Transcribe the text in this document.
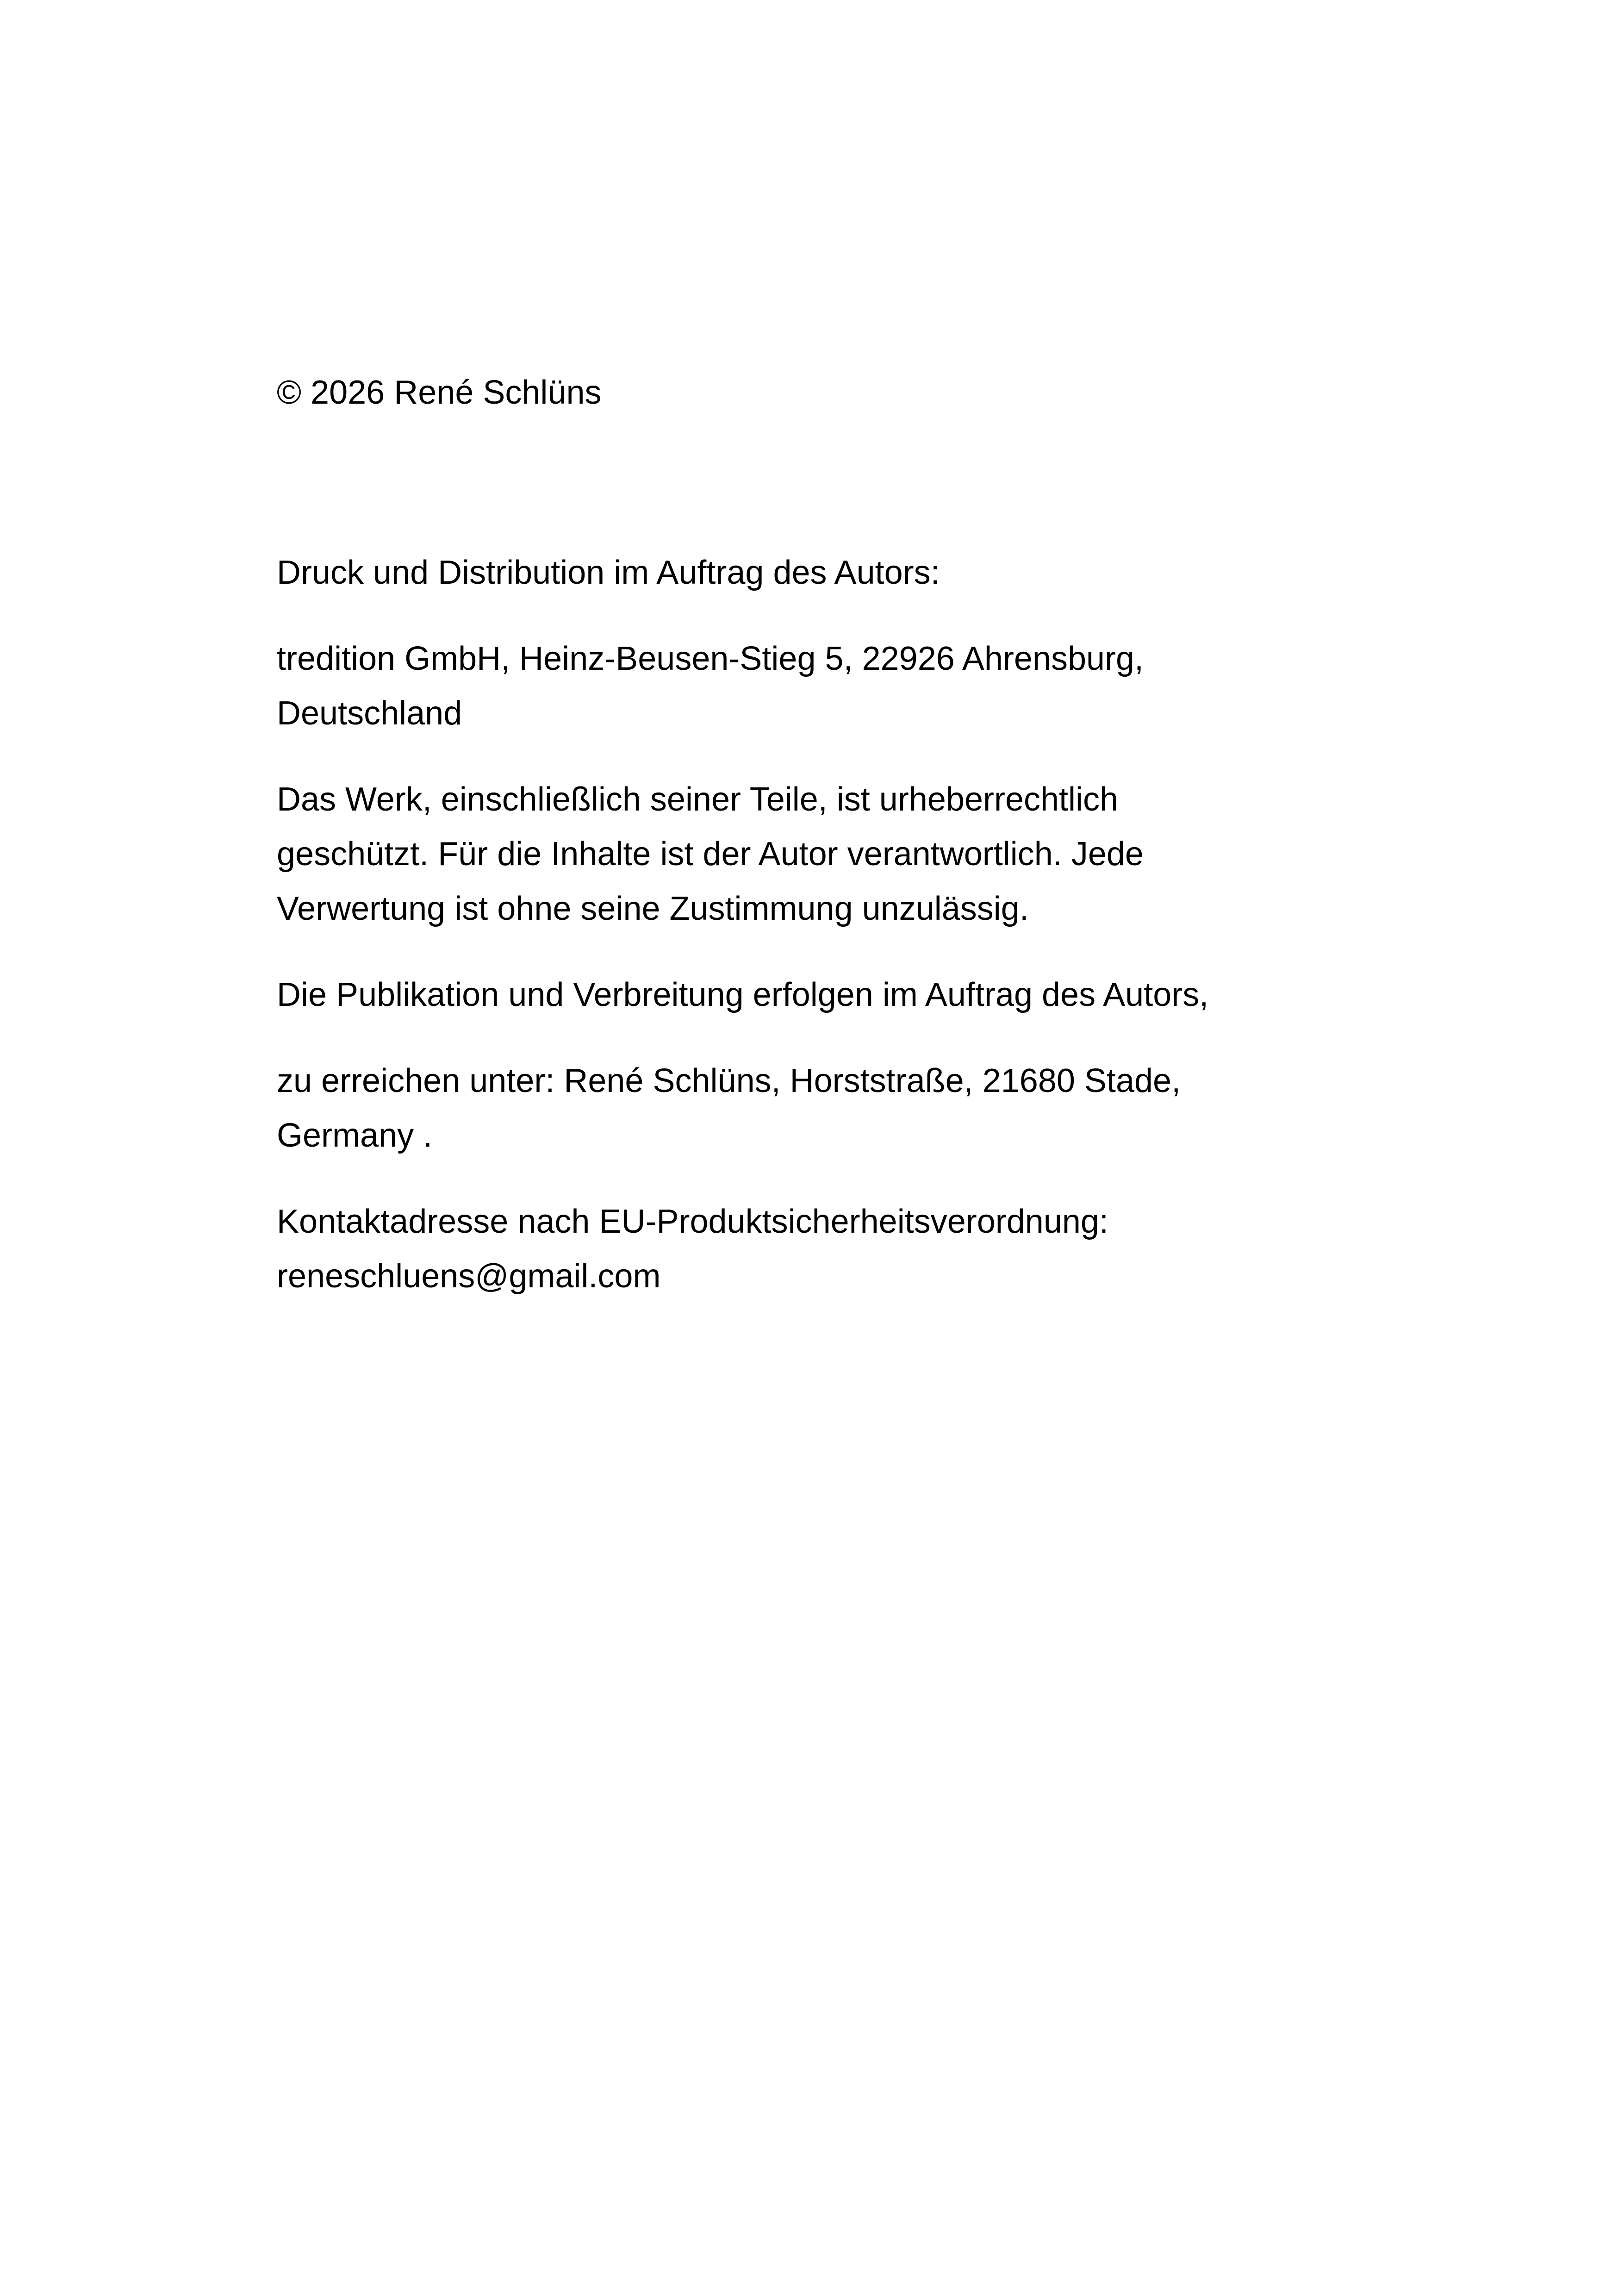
© 2026 René Schlüns

Druck und Distribution im Auftrag des Autors:

tredition GmbH, Heinz-Beusen-Stieg 5, 22926 Ahrensburg,
Deutschland

Das Werk, einschließlich seiner Teile, ist urheberrechtlich
geschützt. Für die Inhalte ist der Autor verantwortlich. Jede
Verwertung ist ohne seine Zustimmung unzulässig.

Die Publikation und Verbreitung erfolgen im Auftrag des Autors,

zu erreichen unter: René Schlüns, Horststraße, 21680 Stade,
Germany .

Kontaktadresse nach EU-Produktsicherheitsverordnung:
reneschluens@gmail.com
